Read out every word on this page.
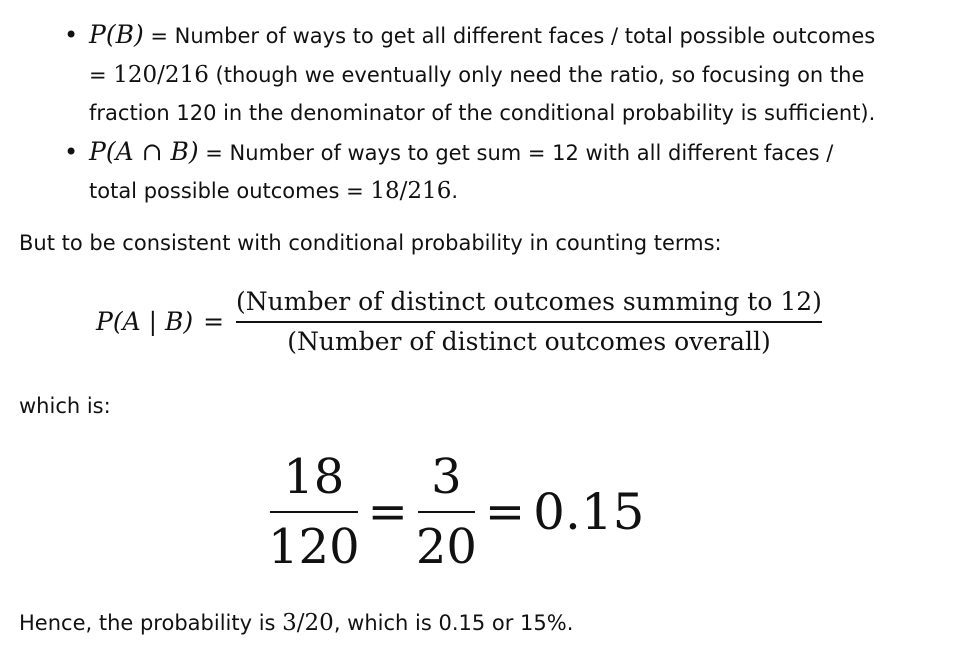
• P(B) = Number of ways to get all different faces / total possible outcomes
= 120/216 (though we eventually only need the ratio, so focusing on the
fraction 120 in the denominator of the conditional probability is sufficient).
• P(A ∩ B) = Number of ways to get sum = 12 with all different faces /
total possible outcomes = 18/216.
But to be consistent with conditional probability in counting terms:
P(A | $B) = \frac{\text{(Number of distinct outcomes summing to 12)}}{\text{(Number of distinct outcomes overall)}}$
which is:
18
120
=
3
20
= 0.15
Hence, the probability is 3/20, which is 0.15 or 15%.
